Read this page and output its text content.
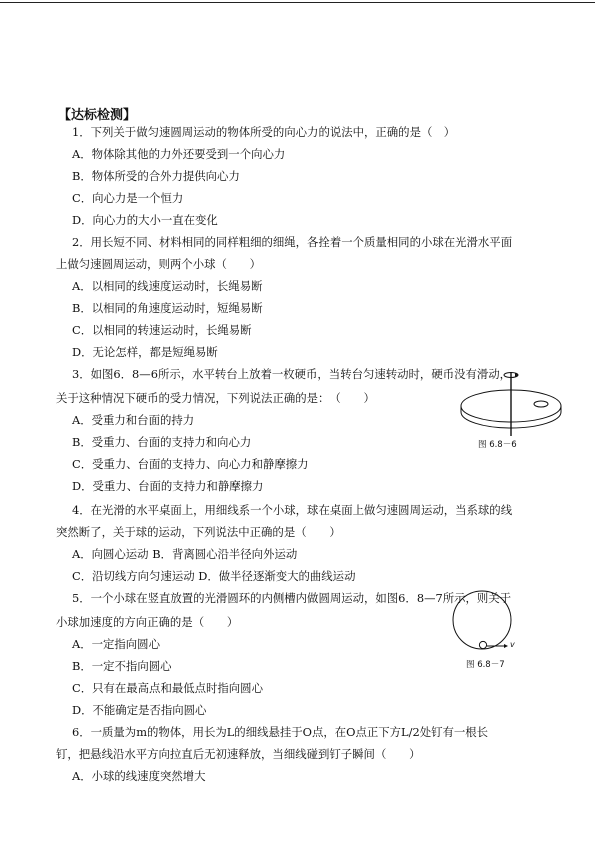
【达标检测】
1．下列关于做匀速圆周运动的物体所受的向心力的说法中，正确的是（　）
A．物体除其他的力外还要受到一个向心力
B．物体所受的合外力提供向心力
C．向心力是一个恒力
D．向心力的大小一直在变化
2．用长短不同、材料相同的同样粗细的细绳，各拴着一个质量相同的小球在光滑水平面
上做匀速圆周运动，则两个小球（　　）
A．以相同的线速度运动时，长绳易断
B．以相同的角速度运动时，短绳易断
C．以相同的转速运动时，长绳易断
D．无论怎样，都是短绳易断
3．如图6．8—6所示，水平转台上放着一枚硬币，当转台匀速转动时，硬币没有滑动，
关于这种情况下硬币的受力情况，下列说法正确的是：　（　　）
A．受重力和台面的持力
B．受重力、台面的支持力和向心力
C．受重力、台面的支持力、向心力和静摩擦力
D．受重力、台面的支持力和静摩擦力
4．在光滑的水平桌面上，用细线系一个小球，球在桌面上做匀速圆周运动，当系球的线
突然断了，关于球的运动，下列说法中正确的是（　　）
A．向圆心运动 B．背离圆心沿半径向外运动
C．沿切线方向匀速运动 D．做半径逐渐变大的曲线运动
5．一个小球在竖直放置的光滑圆环的内侧槽内做圆周运动，如图6．8—7所示，则关于
小球加速度的方向正确的是（　　）
A．一定指向圆心
B．一定不指向圆心
C．只有在最高点和最低点时指向圆心
D．不能确定是否指向圆心
6．一质量为m的物体，用长为L的细线悬挂于O点，在O点正下方L/2处钉有一根长
钉，把悬线沿水平方向拉直后无初速释放，当细线碰到钉子瞬间（　　）
A．小球的线速度突然增大
图 6.8－6
v
图 6.8－7
